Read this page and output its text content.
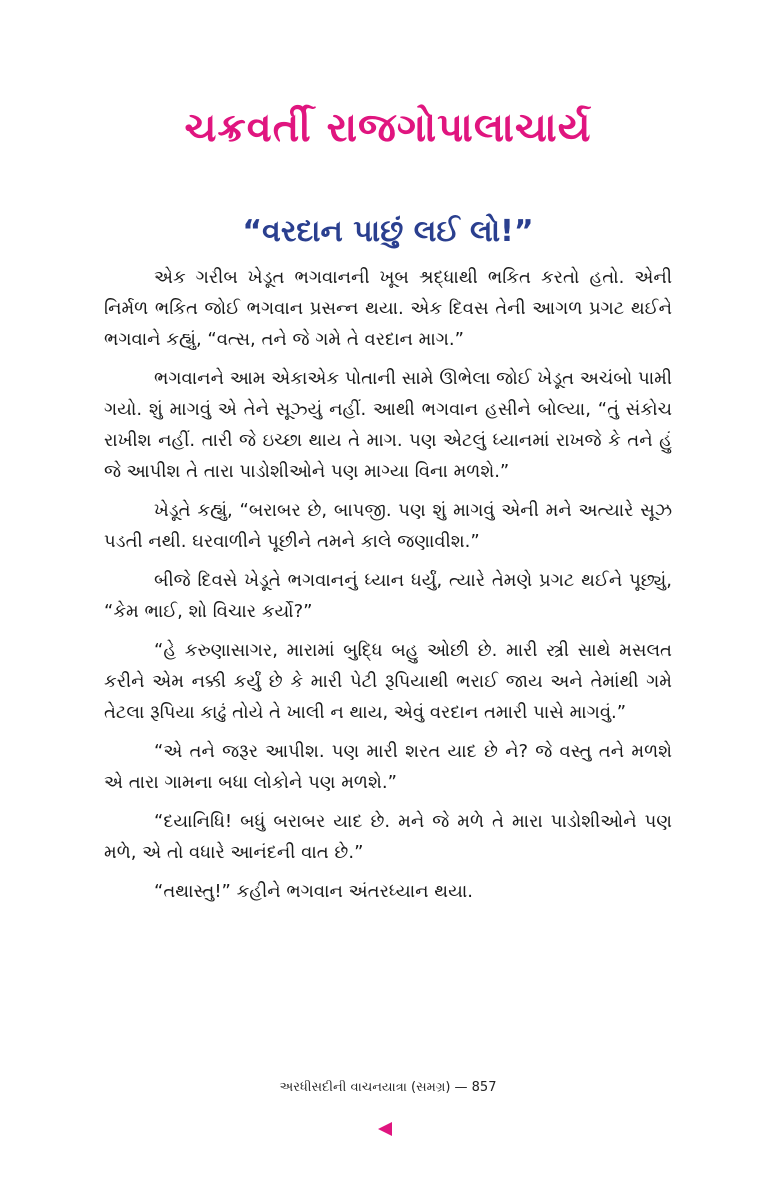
ચક્રવર્તી રાજગોપાલાચાર્ય
“વરદાન પાછું લઈ લો!”

એક ગરીબ ખેડૂત ભગવાનની ખૂબ શ્રદ્ધાથી ભકિત કરતો હતો. એની નિર્મળ ભકિત જોઈ ભગવાન પ્રસન્ન થયા. એક દિવસ તેની આગળ પ્રગટ થઈને ભગવાને કહ્યું, “વત્સ, તને જે ગમે તે વરદાન માગ.”

ભગવાનને આમ એકાએક પોતાની સામે ઊભેલા જોઈ ખેડૂત અચંબો પામી ગયો. શું માગવું એ તેને સૂઝ્યું નહીં. આથી ભગવાન હસીને બોલ્યા, “તું સંકોચ રાખીશ નહીં. તારી જે ઇચ્છા થાય તે માગ. પણ એટલું ધ્યાનમાં રાખજે કે તને હું જે આપીશ તે તારા પાડોશીઓને પણ માગ્યા વિના મળશે.”

ખેડૂતે કહ્યું, “બરાબર છે, બાપજી. પણ શું માગવું એની મને અત્યારે સૂઝ પડતી નથી. ઘરવાળીને પૂછીને તમને કાલે જણાવીશ.”

બીજે દિવસે ખેડૂતે ભગવાનનું ધ્યાન ધર્યું, ત્યારે તેમણે પ્રગટ થઈને પૂછ્યું, “કેમ ભાઈ, શો વિચાર કર્યો?”

“હે કરુણાસાગર, મારામાં બુદ્ધિ બહુ ઓછી છે. મારી સ્ત્રી સાથે મસલત કરીને એમ નક્કી કર્યું છે કે મારી પેટી રૂપિયાથી ભરાઈ જાય અને તેમાંથી ગમે તેટલા રૂપિયા કાઢું તોયે તે ખાલી ન થાય, એવું વરદાન તમારી પાસે માગવું.”

“એ તને જરૂર આપીશ. પણ મારી શરત યાદ છે ને? જે વસ્તુ તને મળશે એ તારા ગામના બધા લોકોને પણ મળશે.”

“દયાનિધિ! બધું બરાબર યાદ છે. મને જે મળે તે મારા પાડોશીઓને પણ મળે, એ તો વધારે આનંદની વાત છે.”

“તથાસ્તુ!” કહીને ભગવાન અંતરધ્યાન થયા.

અરધીસદીની વાચનયાત્રા (સમગ્ર) — 857
